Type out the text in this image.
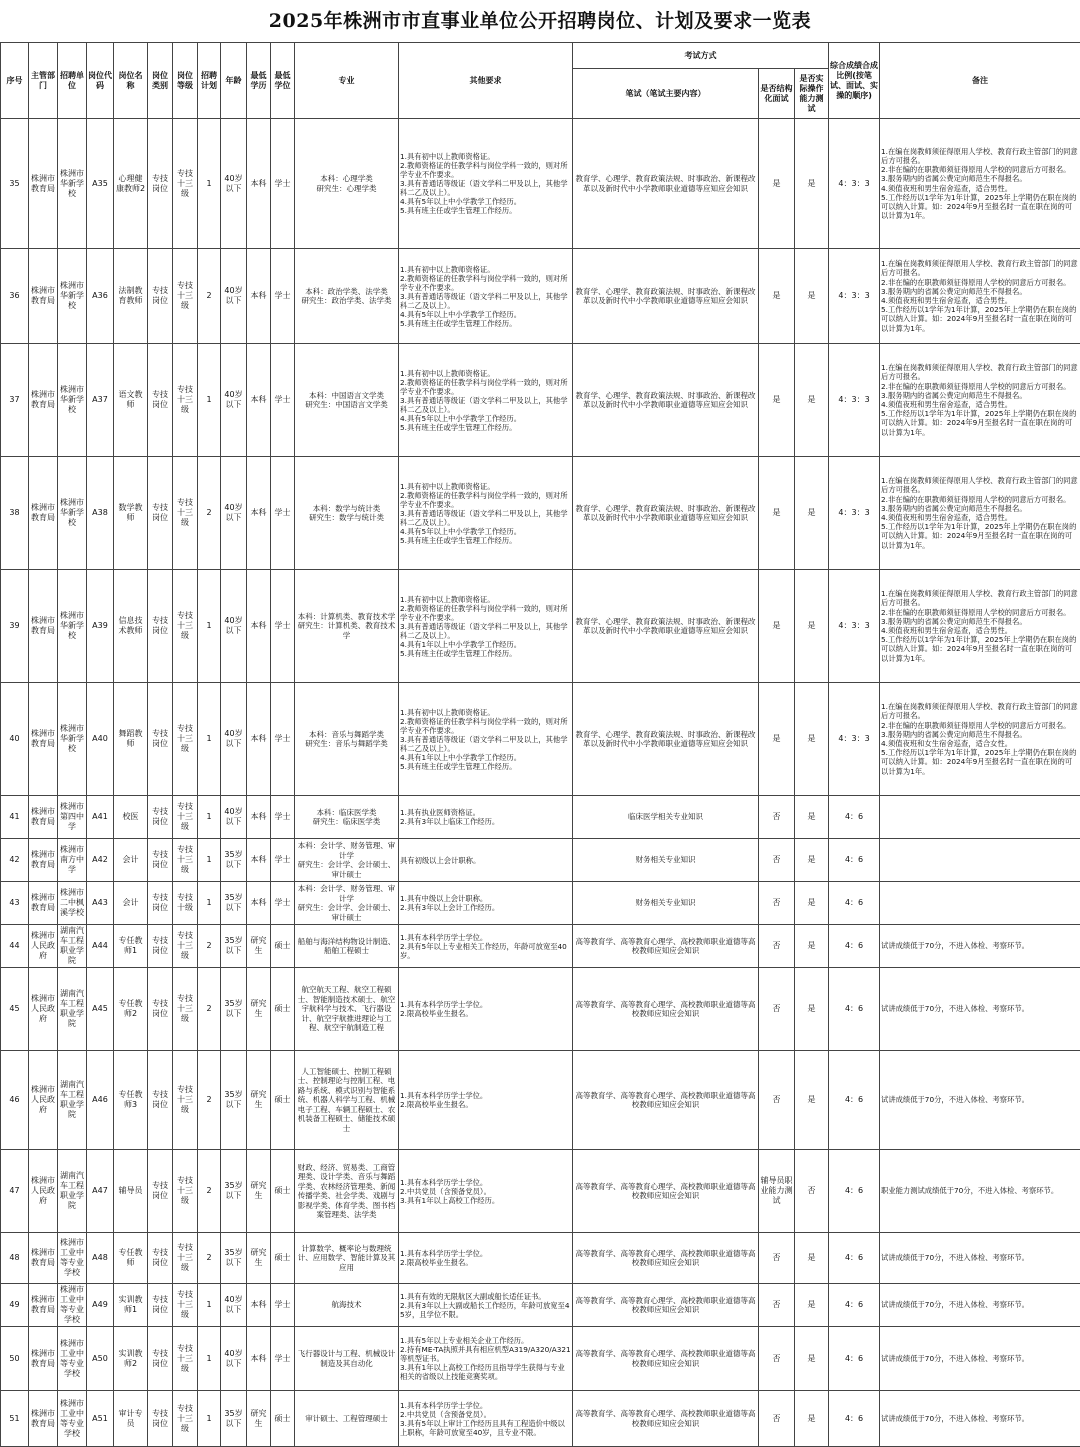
2025年株洲市市直事业单位公开招聘岗位、计划及要求一览表
序号	主管部门	招聘单位	岗位代码	岗位名称	岗位类别	岗位等级	招聘计划	年龄	最低学历	最低学位	专业	其他要求	考试方式			综合成绩合成比例(按笔试、面试、实操的顺序)	备注
													笔试（笔试主要内容）	是否结构化面试	是否实际操作能力测试		
35	株洲市教育局	株洲市华新学校	A35	心理健康教师2	专技岗位	专技十三级	1	40岁以下	本科	学士	本科：心理学类
研究生：心理学类	1.具有初中以上教师资格证。
2.教师资格证的任教学科与岗位学科一致的，则对所学专业不作要求。
3.具有普通话等级证（语文学科二甲及以上，其他学科二乙及以上）。
4.具有5年以上中小学教学工作经历。
5.具有班主任或学生管理工作经历。	教育学、心理学、教育政策法规、时事政治、新课程改革以及新时代中小学教师职业道德等应知应会知识	是	是	4：3：3	1.在编在岗教师须征得原用人学校、教育行政主管部门的同意后方可报名。
2.非在编的在职教师须征得原用人学校的同意后方可报名。
3.服务期内的省属公费定向师范生不得报名。
4.须值夜班和男生宿舍巡查，适合男性。
5.工作经历以1学年为1年计算，2025年上学期仍在职在岗的可以纳入计算。如：2024年9月至报名时一直在职在岗的可以计算为1年。

36	株洲市教育局	株洲市华新学校	A36	法制教育教师	专技岗位	专技十三级	2	40岁以下	本科	学士	本科：政治学类、法学类
研究生：政治学类、法学类	1.具有初中以上教师资格证。
2.教师资格证的任教学科与岗位学科一致的，则对所学专业不作要求。
3.具有普通话等级证（语文学科二甲及以上，其他学科二乙及以上）。
4.具有5年以上中小学教学工作经历。
5.具有班主任或学生管理工作经历。	教育学、心理学、教育政策法规、时事政治、新课程改革以及新时代中小学教师职业道德等应知应会知识	是	是	4：3：3	1.在编在岗教师须征得原用人学校、教育行政主管部门的同意后方可报名。
2.非在编的在职教师须征得原用人学校的同意后方可报名。
3.服务期内的省属公费定向师范生不得报名。
4.须值夜班和男生宿舍巡查，适合男性。
5.工作经历以1学年为1年计算，2025年上学期仍在职在岗的可以纳入计算。如：2024年9月至报名时一直在职在岗的可以计算为1年。

37	株洲市教育局	株洲市华新学校	A37	语文教师	专技岗位	专技十三级	1	40岁以下	本科	学士	本科：中国语言文学类
研究生：中国语言文学类	1.具有初中以上教师资格证。
2.教师资格证的任教学科与岗位学科一致的，则对所学专业不作要求。
3.具有普通话等级证（语文学科二甲及以上，其他学科二乙及以上）。
4.具有5年以上中小学教学工作经历。
5.具有班主任或学生管理工作经历。	教育学、心理学、教育政策法规、时事政治、新课程改革以及新时代中小学教师职业道德等应知应会知识	是	是	4：3：3	1.在编在岗教师须征得原用人学校、教育行政主管部门的同意后方可报名。
2.非在编的在职教师须征得原用人学校的同意后方可报名。
3.服务期内的省属公费定向师范生不得报名。
4.须值夜班和男生宿舍巡查，适合男性。
5.工作经历以1学年为1年计算，2025年上学期仍在职在岗的可以纳入计算。如：2024年9月至报名时一直在职在岗的可以计算为1年。

38	株洲市教育局	株洲市华新学校	A38	数学教师	专技岗位	专技十三级	2	40岁以下	本科	学士	本科：数学与统计类
研究生：数学与统计类	1.具有初中以上教师资格证。
2.教师资格证的任教学科与岗位学科一致的，则对所学专业不作要求。
3.具有普通话等级证（语文学科二甲及以上，其他学科二乙及以上）。
4.具有5年以上中小学教学工作经历。
5.具有班主任或学生管理工作经历。	教育学、心理学、教育政策法规、时事政治、新课程改革以及新时代中小学教师职业道德等应知应会知识	是	是	4：3：3	1.在编在岗教师须征得原用人学校、教育行政主管部门的同意后方可报名。
2.非在编的在职教师须征得原用人学校的同意后方可报名。
3.服务期内的省属公费定向师范生不得报名。
4.须值夜班和男生宿舍巡查，适合男性。
5.工作经历以1学年为1年计算，2025年上学期仍在职在岗的可以纳入计算。如：2024年9月至报名时一直在职在岗的可以计算为1年。

39	株洲市教育局	株洲市华新学校	A39	信息技术教师	专技岗位	专技十三级	1	40岁以下	本科	学士	本科：计算机类、教育技术学
研究生：计算机类、教育技术学	1.具有初中以上教师资格证。
2.教师资格证的任教学科与岗位学科一致的，则对所学专业不作要求。
3.具有普通话等级证（语文学科二甲及以上，其他学科二乙及以上）。
4.具有1年以上中小学教学工作经历。
5.具有班主任或学生管理工作经历。	教育学、心理学、教育政策法规、时事政治、新课程改革以及新时代中小学教师职业道德等应知应会知识	是	是	4：3：3	1.在编在岗教师须征得原用人学校、教育行政主管部门的同意后方可报名。
2.非在编的在职教师须征得原用人学校的同意后方可报名。
3.服务期内的省属公费定向师范生不得报名。
4.须值夜班和男生宿舍巡查，适合男性。
5.工作经历以1学年为1年计算，2025年上学期仍在职在岗的可以纳入计算。如：2024年9月至报名时一直在职在岗的可以计算为1年。

40	株洲市教育局	株洲市华新学校	A40	舞蹈教师	专技岗位	专技十三级	1	40岁以下	本科	学士	本科：音乐与舞蹈学类
研究生：音乐与舞蹈学类	1.具有初中以上教师资格证。
2.教师资格证的任教学科与岗位学科一致的，则对所学专业不作要求。
3.具有普通话等级证（语文学科二甲及以上，其他学科二乙及以上）。
4.具有1年以上中小学教学工作经历。
5.具有班主任或学生管理工作经历。	教育学、心理学、教育政策法规、时事政治、新课程改革以及新时代中小学教师职业道德等应知应会知识	是	是	4：3：3	1.在编在岗教师须征得原用人学校、教育行政主管部门的同意后方可报名。
2.非在编的在职教师须征得原用人学校的同意后方可报名。
3.服务期内的省属公费定向师范生不得报名。
4.须值夜班和女生宿舍巡查，适合女性。
5.工作经历以1学年为1年计算，2025年上学期仍在职在岗的可以纳入计算。如：2024年9月至报名时一直在职在岗的可以计算为1年。

41	株洲市教育局	株洲市第四中学	A41	校医	专技岗位	专技十三级	1	40岁以下	本科	学士	本科：临床医学类
研究生：临床医学类	1.具有执业医师资格证。
2.具有3年以上临床工作经历。	临床医学相关专业知识	否	是	4：6	

42	株洲市教育局	株洲市南方中学	A42	会计	专技岗位	专技十三级	1	35岁以下	本科	学士	本科：会计学、财务管理、审计学
研究生：会计学、会计硕士、审计硕士	具有初级以上会计职称。	财务相关专业知识	否	是	4：6	

43	株洲市教育局	株洲市二中枫溪学校	A43	会计	专技岗位	专技十级	1	35岁以下	本科	学士	本科：会计学、财务管理、审计学
研究生：会计学、会计硕士、审计硕士	1.具有中级以上会计职称。
2.具有3年以上会计工作经历。	财务相关专业知识	否	是	4：6	

44	株洲市人民政府	湖南汽车工程职业学院	A44	专任教师1	专技岗位	专技十三级	2	35岁以下	研究生	硕士	船舶与海洋结构物设计制造、船舶工程硕士	1.具有本科学历学士学位。
2.具有5年以上专业相关工作经历，年龄可放宽至40岁。	高等教育学、高等教育心理学、高校教师职业道德等高校教师应知应会知识	否	是	4：6	试讲成绩低于70分，不进入体检、考察环节。

45	株洲市人民政府	湖南汽车工程职业学院	A45	专任教师2	专技岗位	专技十三级	2	35岁以下	研究生	硕士	航空航天工程、航空工程硕士、智能制造技术硕士、航空宇航科学与技术、飞行器设计、航空宇航推进理论与工程、航空宇航制造工程	1.具有本科学历学士学位。
2.限高校毕业生报名。	高等教育学、高等教育心理学、高校教师职业道德等高校教师应知应会知识	否	是	4：6	试讲成绩低于70分，不进入体检、考察环节。

46	株洲市人民政府	湖南汽车工程职业学院	A46	专任教师3	专技岗位	专技十三级	2	35岁以下	研究生	硕士	人工智能硕士、控制工程硕士、控制理论与控制工程、电路与系统、模式识别与智能系统、机器人科学与工程、机械电子工程、车辆工程硕士、农机装备工程硕士、储能技术硕士	1.具有本科学历学士学位。
2.限高校毕业生报名。	高等教育学、高等教育心理学、高校教师职业道德等高校教师应知应会知识	否	是	4：6	试讲成绩低于70分，不进入体检、考察环节。

47	株洲市人民政府	湖南汽车工程职业学院	A47	辅导员	专技岗位	专技十三级	2	35岁以下	研究生	硕士	财政、经济、贸易类、工商管理类、设计学类、音乐与舞蹈学类、农林经济管理类、新闻传播学类、社会学类、戏剧与影视学类、体育学类、图书档案管理类、法学类	1.具有本科学历学士学位。
2.中共党员（含预备党员）。
3.具有1年以上高校工作经历。	高等教育学、高等教育心理学、高校教师职业道德等高校教师应知应会知识	辅导员职业能力测试	否	4：6	职业能力测试成绩低于70分，不进入体检、考察环节。

48	株洲市教育局	株洲市工业中等专业学校	A48	专任教师	专技岗位	专技十三级	2	35岁以下	研究生	硕士	计算数学、概率论与数理统计、应用数学、智能计算及其应用	1.具有本科学历学士学位。
2.限高校毕业生报名。	高等教育学、高等教育心理学、高校教师职业道德等高校教师应知应会知识	否	是	4：6	试讲成绩低于70分，不进入体检、考察环节。

49	株洲市教育局	株洲市工业中等专业学校	A49	实训教师1	专技岗位	专技十三级	1	40岁以下	本科	学士	航海技术	1.具有有效的无限航区大副或船长适任证书。
2.具有3年以上大副或船长工作经历，年龄可放宽至45岁，且学位不限。	高等教育学、高等教育心理学、高校教师职业道德等高校教师应知应会知识	否	是	4：6	试讲成绩低于70分，不进入体检、考察环节。

50	株洲市教育局	株洲市工业中等专业学校	A50	实训教师2	专技岗位	专技十三级	1	40岁以下	本科	学士	飞行器设计与工程、机械设计制造及其自动化	1.具有5年以上专业相关企业工作经历。
2.持有ME-TA执照并具有相应机型A319/A320/A321等机型证书。
3.具有1年以上高校工作经历且指导学生获得与专业相关的省级以上技能竞赛奖项。	高等教育学、高等教育心理学、高校教师职业道德等高校教师应知应会知识	否	是	4：6	试讲成绩低于70分，不进入体检、考察环节。

51	株洲市教育局	株洲市工业中等专业学校	A51	审计专员	专技岗位	专技十三级	1	35岁以下	研究生	硕士	审计硕士、工程管理硕士	1.具有本科学历学士学位。
2.中共党员（含预备党员）。
3.具有5年以上审计工作经历且具有工程造价中级以上职称，年龄可放宽至40岁，且专业不限。	高等教育学、高等教育心理学、高校教师职业道德等高校教师应知应会知识	否	是	4：6	试讲成绩低于70分，不进入体检、考察环节。
